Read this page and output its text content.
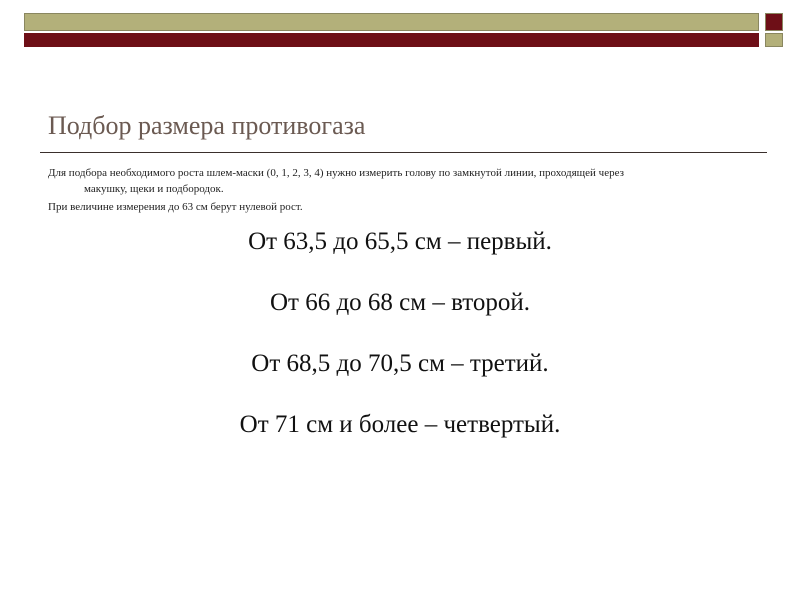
Подбор размера противогаза

Для подбора необходимого роста шлем-маски (0, 1, 2, 3, 4) нужно измерить голову по замкнутой линии, проходящей через
макушку, щеки и подбородок.

При величине измерения до 63 см берут нулевой рост.

От 63,5 до 65,5 см – первый.
От 66 до 68 см – второй.
От 68,5 до 70,5 см – третий.
От 71 см и более – четвертый.
